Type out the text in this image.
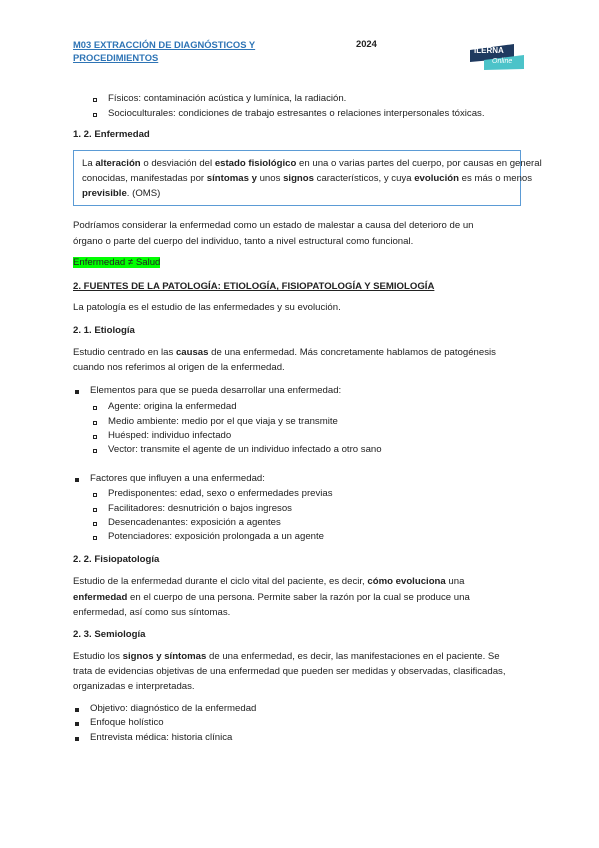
M03 EXTRACCIÓN DE DIAGNÓSTICOS Y
PROCEDIMIENTOS
2024
ILERNA
Online
Físicos: contaminación acústica y lumínica, la radiación.
Socioculturales: condiciones de trabajo estresantes o relaciones interpersonales tóxicas.
1. 2. Enfermedad
La alteración o desviación del estado fisiológico en una o varias partes del cuerpo, por causas en general
conocidas, manifestadas por síntomas y unos signos característicos, y cuya evolución es más o menos
previsible. (OMS)
Podríamos considerar la enfermedad como un estado de malestar a causa del deterioro de un
órgano o parte del cuerpo del individuo, tanto a nivel estructural como funcional.
Enfermedad ≠ Salud
2. FUENTES DE LA PATOLOGÍA: ETIOLOGÍA, FISIOPATOLOGÍA Y SEMIOLOGÍA
La patología es el estudio de las enfermedades y su evolución.
2. 1. Etiología
Estudio centrado en las causas de una enfermedad. Más concretamente hablamos de patogénesis
cuando nos referimos al origen de la enfermedad.
Elementos para que se pueda desarrollar una enfermedad:
Agente: origina la enfermedad
Medio ambiente: medio por el que viaja y se transmite
Huésped: individuo infectado
Vector: transmite el agente de un individuo infectado a otro sano
Factores que influyen a una enfermedad:
Predisponentes: edad, sexo o enfermedades previas
Facilitadores: desnutrición o bajos ingresos
Desencadenantes: exposición a agentes
Potenciadores: exposición prolongada a un agente
2. 2. Fisiopatología
Estudio de la enfermedad durante el ciclo vital del paciente, es decir, cómo evoluciona una
enfermedad en el cuerpo de una persona. Permite saber la razón por la cual se produce una
enfermedad, así como sus síntomas.
2. 3. Semiología
Estudio los signos y síntomas de una enfermedad, es decir, las manifestaciones en el paciente. Se
trata de evidencias objetivas de una enfermedad que pueden ser medidas y observadas, clasificadas,
organizadas e interpretadas.
Objetivo: diagnóstico de la enfermedad
Enfoque holístico
Entrevista médica: historia clínica
